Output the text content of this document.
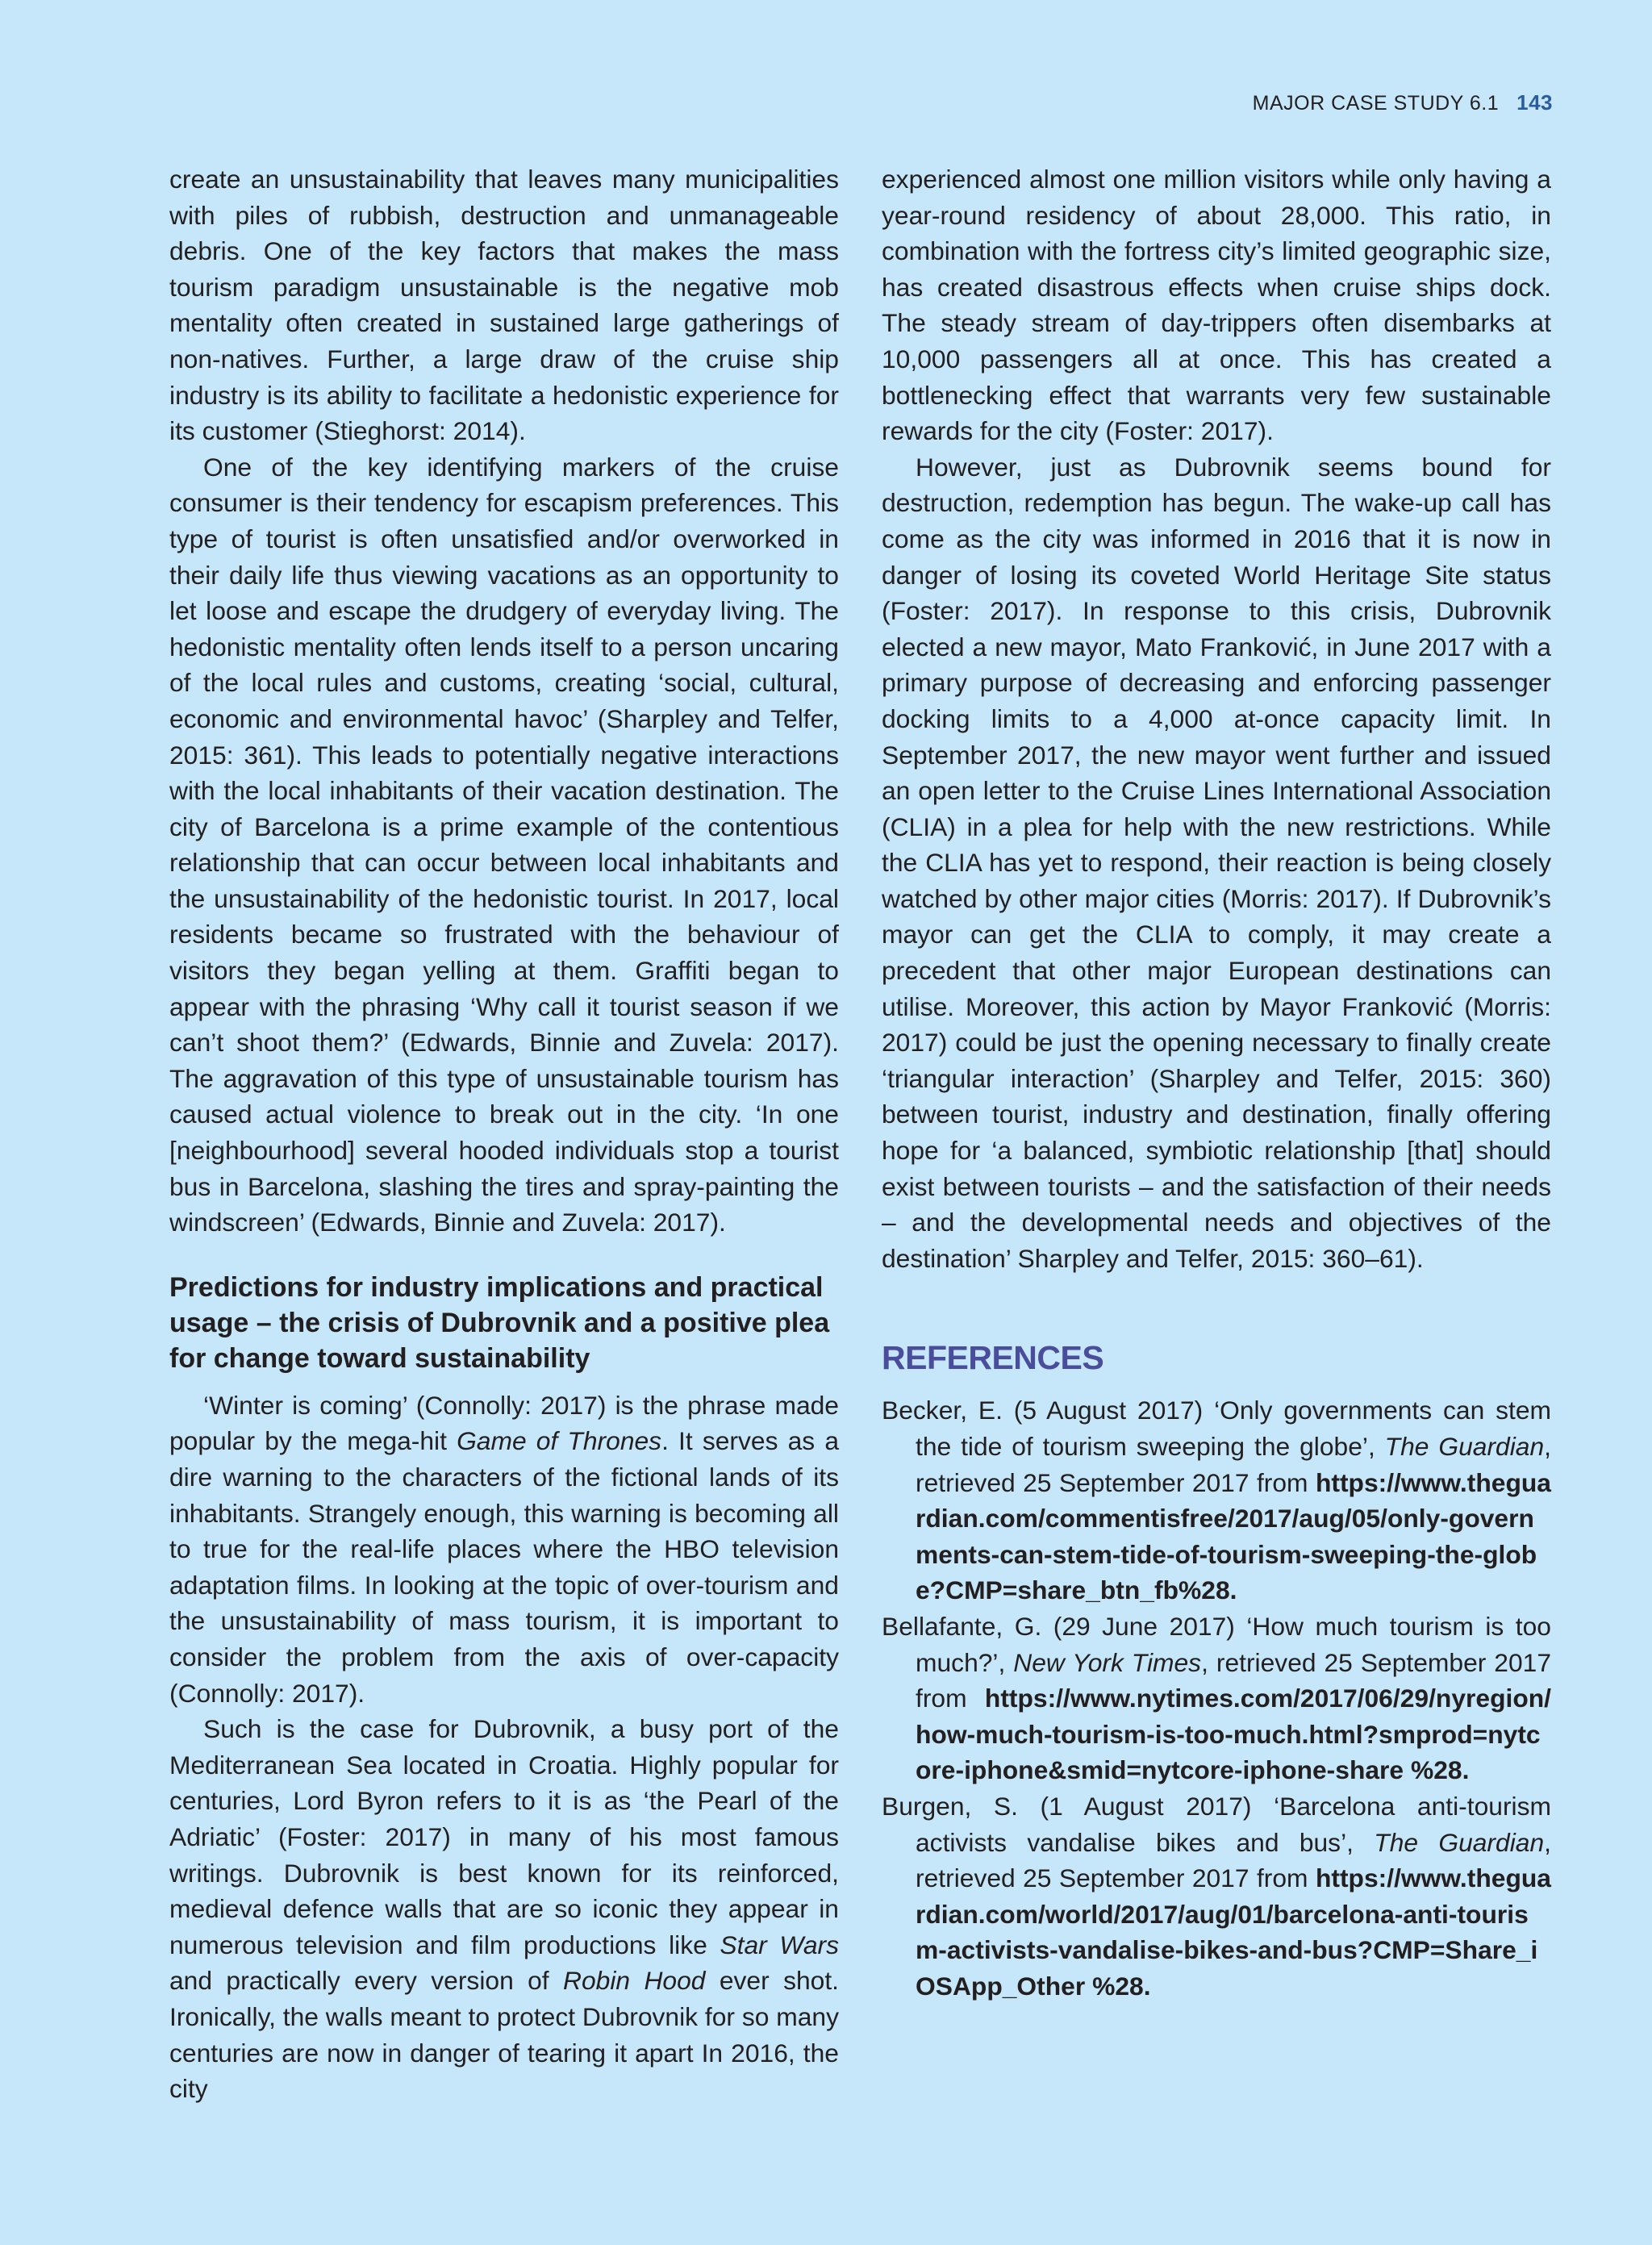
MAJOR CASE STUDY 6.1 143

create an unsustainability that leaves many municipalities with piles of rubbish, destruction and unmanageable debris. One of the key factors that makes the mass tourism paradigm unsustainable is the negative mob mentality often created in sustained large gatherings of non-natives. Further, a large draw of the cruise ship industry is its ability to facilitate a hedonistic experience for its customer (Stieghorst: 2014).

One of the key identifying markers of the cruise consumer is their tendency for escapism preferences. This type of tourist is often unsatisfied and/or overworked in their daily life thus viewing vacations as an opportunity to let loose and escape the drudgery of everyday living. The hedonistic mentality often lends itself to a person uncaring of the local rules and customs, creating ‘social, cultural, economic and environmental havoc’ (Sharpley and Telfer, 2015: 361). This leads to potentially negative interactions with the local inhabitants of their vacation destination. The city of Barcelona is a prime example of the contentious relationship that can occur between local inhabitants and the unsustainability of the hedonistic tourist. In 2017, local residents became so frustrated with the behaviour of visitors they began yelling at them. Graffiti began to appear with the phrasing ‘Why call it tourist season if we can’t shoot them?’ (Edwards, Binnie and Zuvela: 2017). The aggravation of this type of unsustainable tourism has caused actual violence to break out in the city. ‘In one [neighbourhood] several hooded individuals stop a tourist bus in Barcelona, slashing the tires and spray-painting the windscreen’ (Edwards, Binnie and Zuvela: 2017).

Predictions for industry implications and practical usage – the crisis of Dubrovnik and a positive plea for change toward sustainability

‘Winter is coming’ (Connolly: 2017) is the phrase made popular by the mega-hit Game of Thrones. It serves as a dire warning to the characters of the fictional lands of its inhabitants. Strangely enough, this warning is becoming all to true for the real-life places where the HBO television adaptation films. In looking at the topic of over-tourism and the unsustainability of mass tourism, it is important to consider the problem from the axis of over-capacity (Connolly: 2017).

Such is the case for Dubrovnik, a busy port of the Mediterranean Sea located in Croatia. Highly popular for centuries, Lord Byron refers to it is as ‘the Pearl of the Adriatic’ (Foster: 2017) in many of his most famous writings. Dubrovnik is best known for its reinforced, medieval defence walls that are so iconic they appear in numerous television and film productions like Star Wars and practically every version of Robin Hood ever shot. Ironically, the walls meant to protect Dubrovnik for so many centuries are now in danger of tearing it apart In 2016, the city

experienced almost one million visitors while only having a year-round residency of about 28,000. This ratio, in combination with the fortress city’s limited geographic size, has created disastrous effects when cruise ships dock. The steady stream of day-trippers often disembarks at 10,000 passengers all at once. This has created a bottlenecking effect that warrants very few sustainable rewards for the city (Foster: 2017).

However, just as Dubrovnik seems bound for destruction, redemption has begun. The wake-up call has come as the city was informed in 2016 that it is now in danger of losing its coveted World Heritage Site status (Foster: 2017). In response to this crisis, Dubrovnik elected a new mayor, Mato Franković, in June 2017 with a primary purpose of decreasing and enforcing passenger docking limits to a 4,000 at-once capacity limit. In September 2017, the new mayor went further and issued an open letter to the Cruise Lines International Association (CLIA) in a plea for help with the new restrictions. While the CLIA has yet to respond, their reaction is being closely watched by other major cities (Morris: 2017). If Dubrovnik’s mayor can get the CLIA to comply, it may create a precedent that other major European destinations can utilise. Moreover, this action by Mayor Franković (Morris: 2017) could be just the opening necessary to finally create ‘triangular interaction’ (Sharpley and Telfer, 2015: 360) between tourist, industry and destination, finally offering hope for ‘a balanced, symbiotic relationship [that] should exist between tourists – and the satisfaction of their needs – and the developmental needs and objectives of the destination’ Sharpley and Telfer, 2015: 360–61).

REFERENCES

Becker, E. (5 August 2017) ‘Only governments can stem the tide of tourism sweeping the globe’, The Guardian, retrieved 25 September 2017 from https://www.theguardian.com/commentisfree/2017/aug/05/only-governments-can-stem-tide-of-tourism-sweeping-the-globe?CMP=share_btn_fb%28.

Bellafante, G. (29 June 2017) ‘How much tourism is too much?’, New York Times, retrieved 25 September 2017 from https://www.nytimes.com/2017/06/29/nyregion/how-much-tourism-is-too-much.html?smprod=nytcore-iphone&smid=nytcore-iphone-share %28.

Burgen, S. (1 August 2017) ‘Barcelona anti-tourism activists vandalise bikes and bus’, The Guardian, retrieved 25 September 2017 from https://www.theguardian.com/world/2017/aug/01/barcelona-anti-tourism-activists-vandalise-bikes-and-bus?CMP=Share_iOSApp_Other %28.
